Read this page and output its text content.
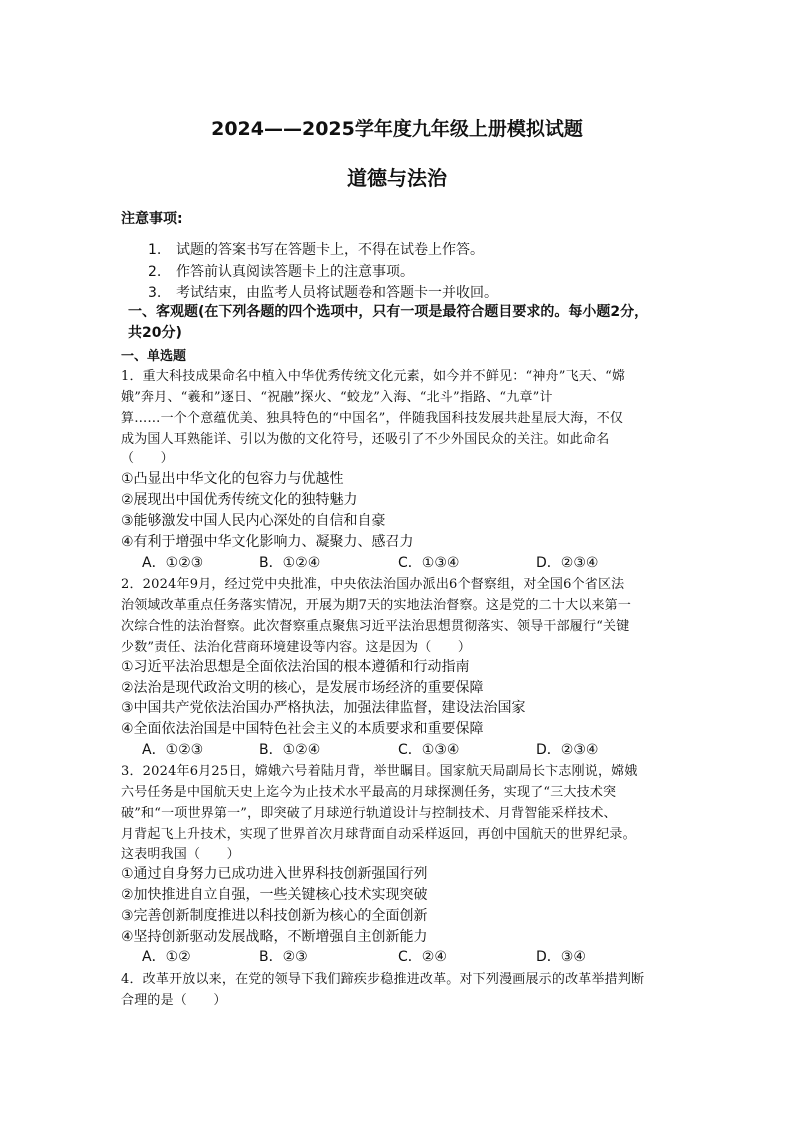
2024——2025学年度九年级上册模拟试题
道德与法治
注意事项:
1. 试题的答案书写在答题卡上，不得在试卷上作答。
2. 作答前认真阅读答题卡上的注意事项。
3. 考试结束，由监考人员将试题卷和答题卡一并收回。
一、客观题(在下列各题的四个选项中，只有一项是最符合题目要求的。每小题2分，
共20分)
一、单选题
1．重大科技成果命名中植入中华优秀传统文化元素，如今并不鲜见：“神舟”飞天、“嫦
娥”奔月、“羲和”逐日、“祝融”探火、“蛟龙”入海、“北斗”指路、“九章”计
算……一个个意蕴优美、独具特色的“中国名”，伴随我国科技发展共赴星辰大海，不仅
成为国人耳熟能详、引以为傲的文化符号，还吸引了不少外国民众的关注。如此命名
（　　）
①凸显出中华文化的包容力与优越性
②展现出中国优秀传统文化的独特魅力
③能够激发中国人民内心深处的自信和自豪
④有利于增强中华文化影响力、凝聚力、感召力
A．①②③	B．①②④	C．①③④	D．②③④
2．2024年9月，经过党中央批准，中央依法治国办派出6个督察组，对全国6个省区法
治领域改革重点任务落实情况，开展为期7天的实地法治督察。这是党的二十大以来第一
次综合性的法治督察。此次督察重点聚焦习近平法治思想贯彻落实、领导干部履行“关键
少数”责任、法治化营商环境建设等内容。这是因为（　　）
①习近平法治思想是全面依法治国的根本遵循和行动指南
②法治是现代政治文明的核心，是发展市场经济的重要保障
③中国共产党依法治国办严格执法，加强法律监督，建设法治国家
④全面依法治国是中国特色社会主义的本质要求和重要保障
A．①②③	B．①②④	C．①③④	D．②③④
3．2024年6月25日，嫦娥六号着陆月背，举世瞩目。国家航天局副局长卞志刚说，嫦娥
六号任务是中国航天史上迄今为止技术水平最高的月球探测任务，实现了“三大技术突
破”和“一项世界第一”，即突破了月球逆行轨道设计与控制技术、月背智能采样技术、
月背起飞上升技术，实现了世界首次月球背面自动采样返回，再创中国航天的世界纪录。
这表明我国（　　）
①通过自身努力已成功进入世界科技创新强国行列
②加快推进自立自强，一些关键核心技术实现突破
③完善创新制度推进以科技创新为核心的全面创新
④坚持创新驱动发展战略，不断增强自主创新能力
A．①②	B．②③	C．②④	D．③④
4．改革开放以来，在党的领导下我们蹄疾步稳推进改革。对下列漫画展示的改革举措判断
合理的是（　　）
